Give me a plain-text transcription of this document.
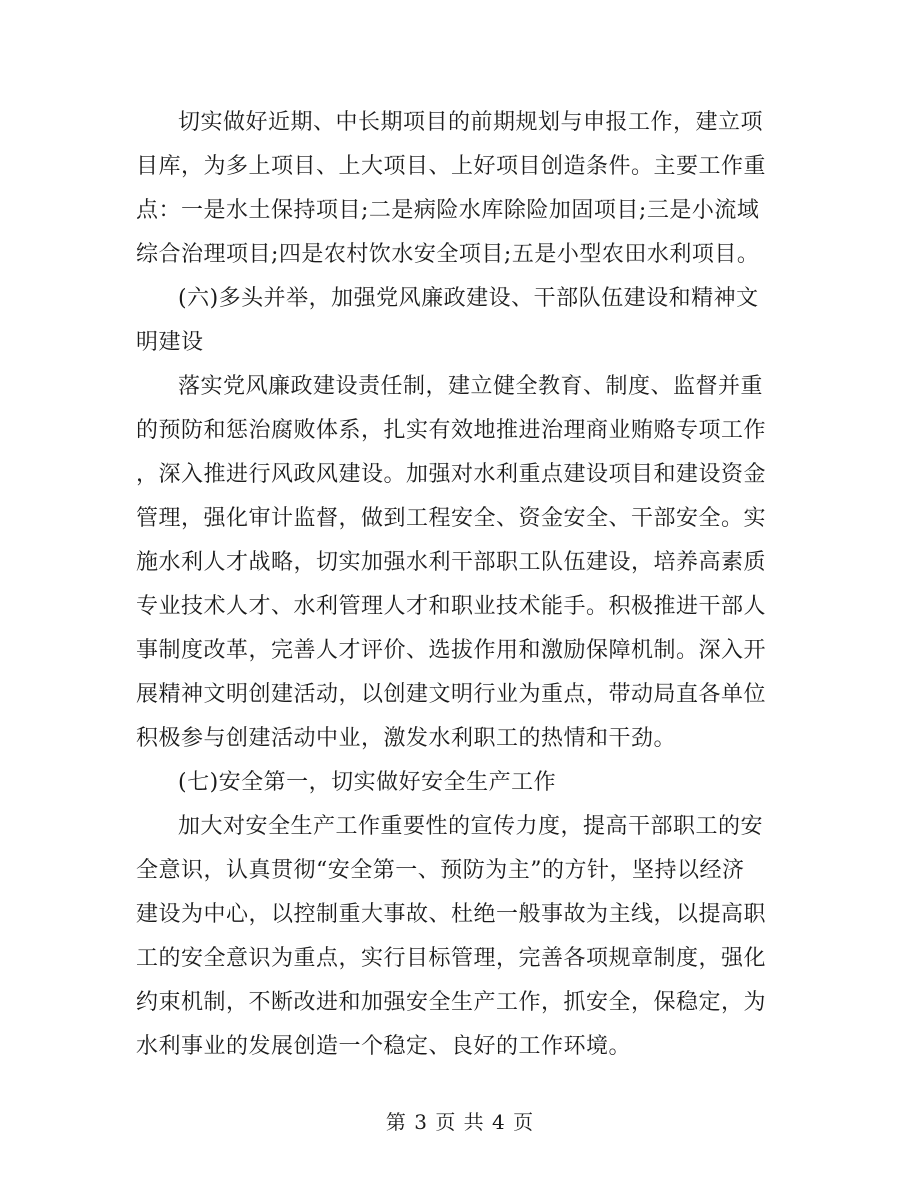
切实做好近期、中长期项目的前期规划与申报工作，建立项
目库，为多上项目、上大项目、上好项目创造条件。主要工作重
点：一是水土保持项目;二是病险水库除险加固项目;三是小流域
综合治理项目;四是农村饮水安全项目;五是小型农田水利项目。
(六)多头并举，加强党风廉政建设、干部队伍建设和精神文
明建设
落实党风廉政建设责任制，建立健全教育、制度、监督并重
的预防和惩治腐败体系，扎实有效地推进治理商业贿赂专项工作
，深入推进行风政风建设。加强对水利重点建设项目和建设资金
管理，强化审计监督，做到工程安全、资金安全、干部安全。实
施水利人才战略，切实加强水利干部职工队伍建设，培养高素质
专业技术人才、水利管理人才和职业技术能手。积极推进干部人
事制度改革，完善人才评价、选拔作用和激励保障机制。深入开
展精神文明创建活动，以创建文明行业为重点，带动局直各单位
积极参与创建活动中业，激发水利职工的热情和干劲。
(七)安全第一，切实做好安全生产工作
加大对安全生产工作重要性的宣传力度，提高干部职工的安
全意识，认真贯彻“安全第一、预防为主”的方针，坚持以经济
建设为中心，以控制重大事故、杜绝一般事故为主线，以提高职
工的安全意识为重点，实行目标管理，完善各项规章制度，强化
约束机制，不断改进和加强安全生产工作，抓安全，保稳定，为
水利事业的发展创造一个稳定、良好的工作环境。
第 3 页 共 4 页
